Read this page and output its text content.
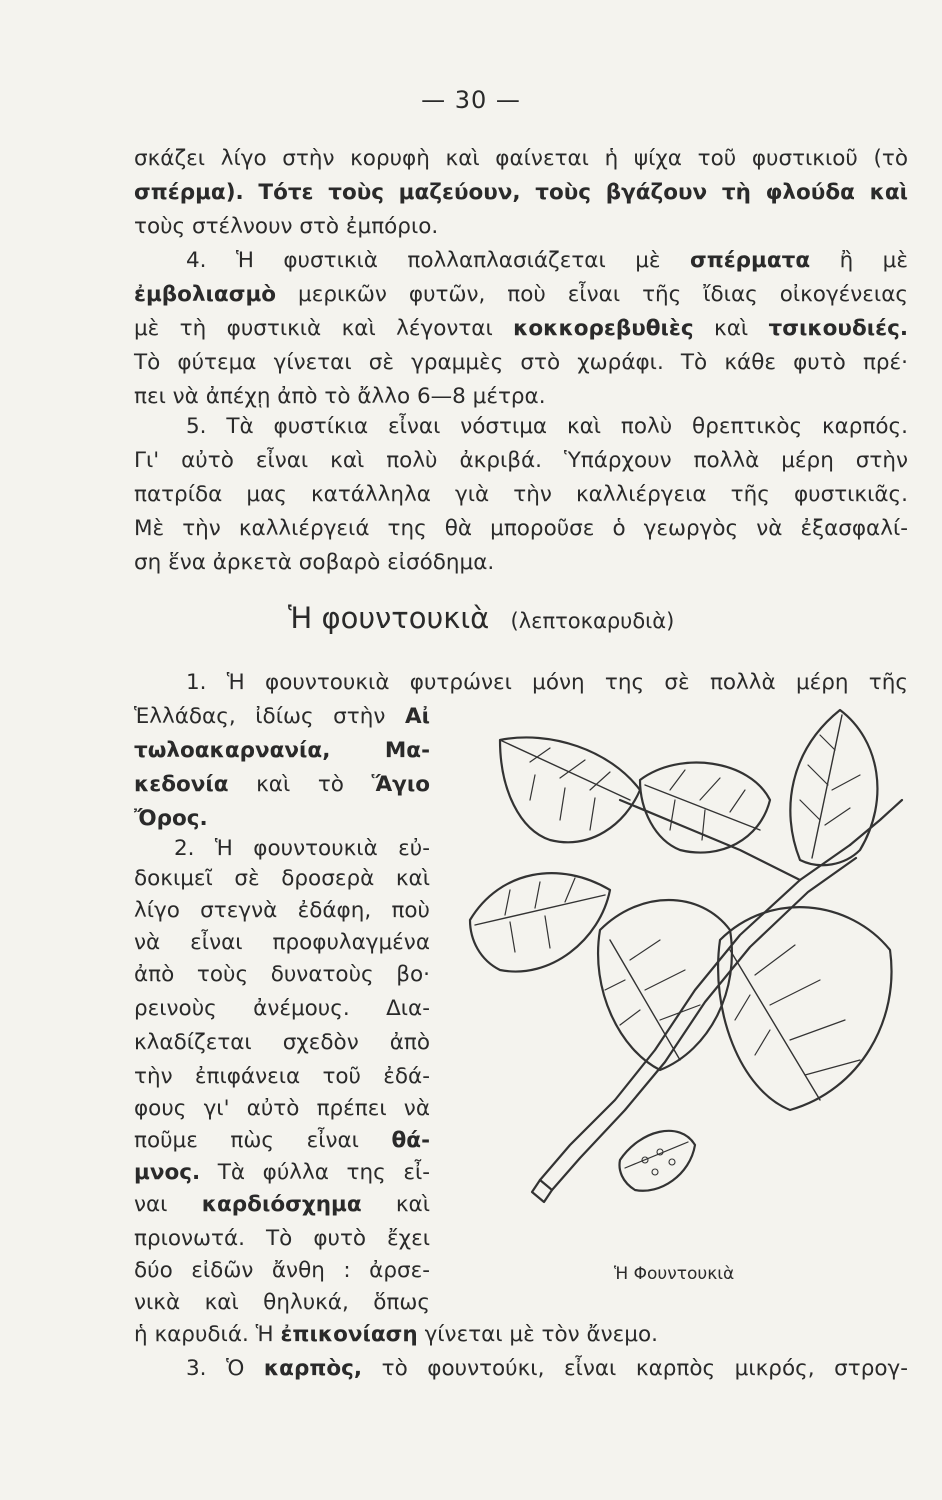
— 30 —
σκάζει λίγο στὴν κορυφὴ καὶ φαίνεται ἡ ψίχα τοῦ φυστικιοῦ (τὸ
σπέρμα). Τότε τοὺς μαζεύουν, τοὺς βγάζουν τὴ φλούδα καὶ
τοὺς στέλνουν στὸ ἐμπόριο.
4. Ἡ φυστικιὰ πολλαπλασιάζεται μὲ σπέρματα ἢ μὲ
ἐμβολιασμὸ μερικῶν φυτῶν, ποὺ εἶναι τῆς ἴδιας οἰκογένειας
μὲ τὴ φυστικιὰ καὶ λέγονται κοκκορεβυθιὲς καὶ τσικουδιές.
Τὸ φύτεμα γίνεται σὲ γραμμὲς στὸ χωράφι. Τὸ κάθε φυτὸ πρέ·
πει νὰ ἀπέχῃ ἀπὸ τὸ ἄλλο 6—8 μέτρα.
5. Τὰ φυστίκια εἶναι νόστιμα καὶ πολὺ θρεπτικὸς καρπός.
Γι' αὐτὸ εἶναι καὶ πολὺ ἀκριβά. Ὑπάρχουν πολλὰ μέρη στὴν
πατρίδα μας κατάλληλα γιὰ τὴν καλλιέργεια τῆς φυστικιᾶς.
Μὲ τὴν καλλιέργειά της θὰ μποροῦσε ὁ γεωργὸς νὰ ἐξασφαλί-
ση ἕνα ἀρκετὰ σοβαρὸ εἰσόδημα.
Ἡ φουντουκιὰ (λεπτοκαρυδιὰ)
1. Ἡ φουντουκιὰ φυτρώνει μόνη της σὲ πολλὰ μέρη τῆς
Ἑλλάδας, ἰδίως στὴν Αἰ
τωλοακαρνανία, Μα-
κεδονία καὶ τὸ Ἅγιο
Ὄρος.
2. Ἡ φουντουκιὰ εὐ-
δοκιμεῖ σὲ δροσερὰ καὶ
λίγο στεγνὰ ἐδάφη, ποὺ
νὰ εἶναι προφυλαγμένα
ἀπὸ τοὺς δυνατοὺς βο·
ρεινοὺς ἀνέμους. Δια-
κλαδίζεται σχεδὸν ἀπὸ
τὴν ἐπιφάνεια τοῦ ἐδά-
φους γι' αὐτὸ πρέπει νὰ
ποῦμε πὼς εἶναι θά-
μνος. Τὰ φύλλα της εἶ-
ναι καρδιόσχημα καὶ
πριονωτά. Τὸ φυτὸ ἔχει
δύο εἰδῶν ἄνθη : ἀρσε-
νικὰ καὶ θηλυκά, ὅπως
ἡ καρυδιά. Ἡ ἐπικονίαση γίνεται μὲ τὸν ἄνεμο.
3. Ὁ καρπὸς, τὸ φουντούκι, εἶναι καρπὸς μικρός, στρογ-
Ἡ Φουντουκιὰ
